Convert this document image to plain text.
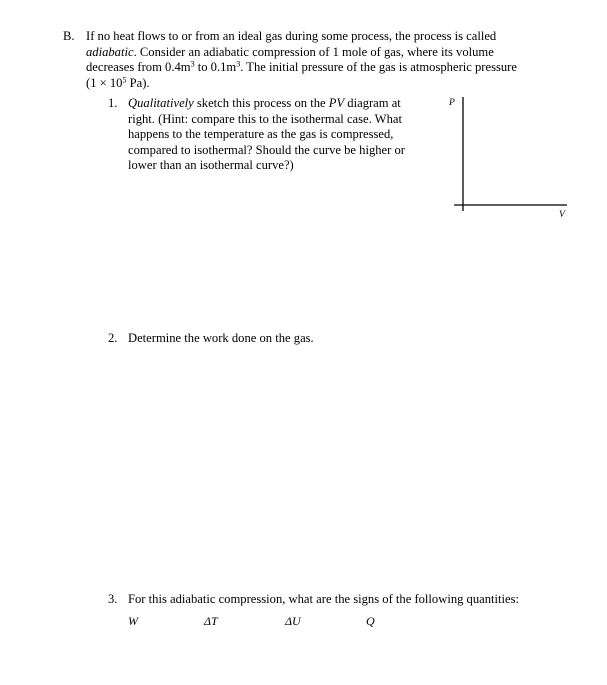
B. If no heat flows to or from an ideal gas during some process, the process is called
adiabatic. Consider an adiabatic compression of 1 mole of gas, where its volume
decreases from $0.4m^3$ to $0.1m^3$. The initial pressure of the gas is atmospheric pressure
($1 \times 10^5$ Pa).
1. Qualitatively sketch this process on the PV diagram at
right. (Hint: compare this to the isothermal case. What
happens to the temperature as the gas is compressed,
compared to isothermal? Should the curve be higher or
lower than an isothermal curve?)
P
V
2. Determine the work done on the gas.
3. For this adiabatic compression, what are the signs of the following quantities:
W	ΔT	ΔU	Q
